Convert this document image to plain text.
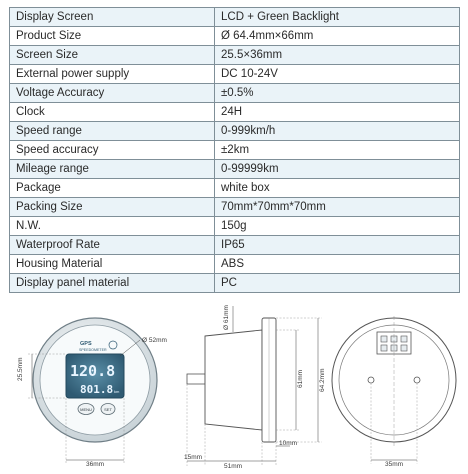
Display Screen	LCD + Green Backlight
Product Size	Ø 64.4mm×66mm
Screen Size	25.5×36mm
External power supply	DC 10-24V
Voltage Accuracy	±0.5%
Clock	24H
Speed range	0-999km/h
Speed accuracy	±2km
Mileage range	0-99999km
Package	white box
Packing Size	70mm*70mm*70mm
N.W.	150g
Waterproof Rate	IP65
Housing Material	ABS
Display panel material	PC
GPS
SPEEDOMETER
120.8
801.8 km
MENU	SET
Ø 52mm
25.5mm
36mm
Ø 61mm
61mm 64.2mm
15mm
51mm
10mm
35mm
